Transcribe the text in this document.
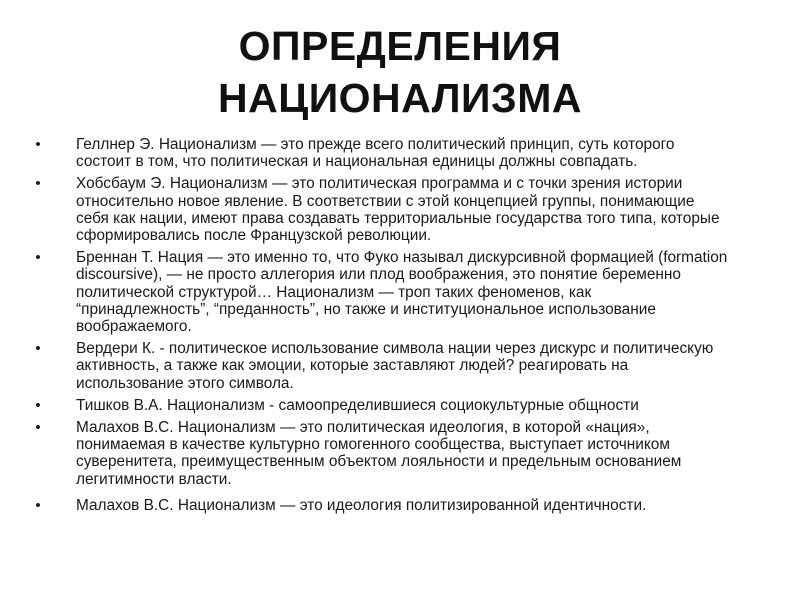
ОПРЕДЕЛЕНИЯ
НАЦИОНАЛИЗМА
•	Геллнер Э. Национализм — это прежде всего политический принцип, суть которого состоит в том, что политическая и национальная единицы должны совпадать.
•	Хобсбаум Э. Национализм — это политическая программа и с точки зрения истории относительно новое явление. В соответствии с этой концепцией группы, понимающие себя как нации, имеют права создавать территориальные государства того типа, которые сформировались после Французской революции.
•	Бреннан Т. Нация — это именно то, что Фуко называл дискурсивной формацией (formation discoursive), — не просто аллегория или плод воображения, это понятие беременно политической структурой… Национализм — троп таких феноменов, как “принадлежность”, “преданность”, но также и институциональное использование воображаемого.
•	Вердери К. - политическое использование символа нации через дискурс и политическую активность, а также как эмоции, которые заставляют людей? реагировать на использование этого символа.
•	Тишков В.А. Национализм - самоопределившиеся социокультурные общности
•	Малахов В.С. Национализм — это политическая идеология, в которой «нация», понимаемая в качестве культурно гомогенного сообщества, выступает источником суверенитета, преимущественным объектом лояльности и предельным основанием легитимности власти.
•	Малахов В.С. Национализм — это идеология политизированной идентичности.
